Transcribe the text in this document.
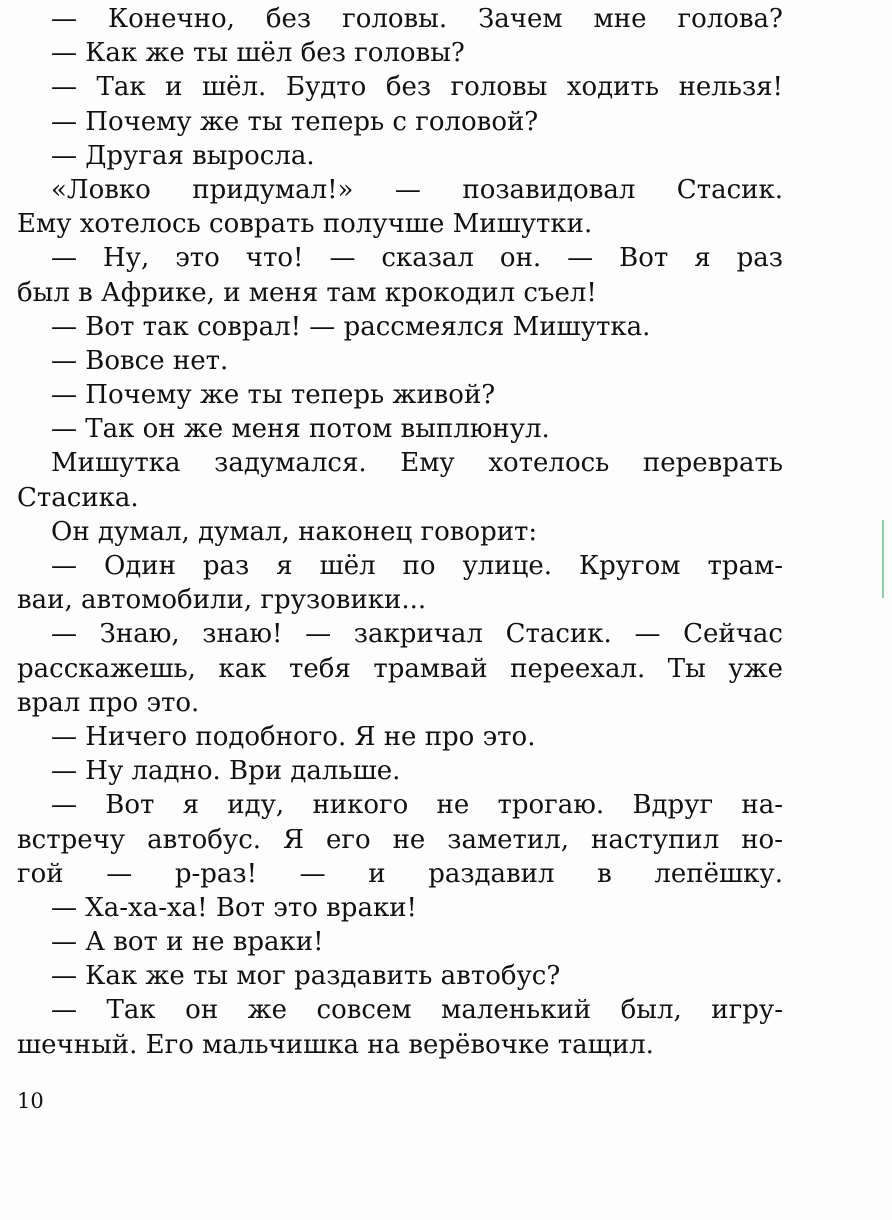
— Конечно, без головы. Зачем мне голова?
— Как же ты шёл без головы?
— Так и шёл. Будто без головы ходить нельзя!
— Почему же ты теперь с головой?
— Другая выросла.
«Ловко придумал!» — позавидовал Стасик.
Ему хотелось соврать получше Мишутки.
— Ну, это что! — сказал он. — Вот я раз
был в Африке, и меня там крокодил съел!
— Вот так соврал! — рассмеялся Мишутка.
— Вовсе нет.
— Почему же ты теперь живой?
— Так он же меня потом выплюнул.
Мишутка задумался. Ему хотелось переврать
Стасика.
Он думал, думал, наконец говорит:
— Один раз я шёл по улице. Кругом трам-
ваи, автомобили, грузовики...
— Знаю, знаю! — закричал Стасик. — Сейчас
расскажешь, как тебя трамвай переехал. Ты уже
врал про это.
— Ничего подобного. Я не про это.
— Ну ладно. Ври дальше.
— Вот я иду, никого не трогаю. Вдруг на-
встречу автобус. Я его не заметил, наступил но-
гой — р-раз! — и раздавил в лепёшку.
— Ха-ха-ха! Вот это враки!
— А вот и не враки!
— Как же ты мог раздавить автобус?
— Так он же совсем маленький был, игру-
шечный. Его мальчишка на верёвочке тащил.
10
